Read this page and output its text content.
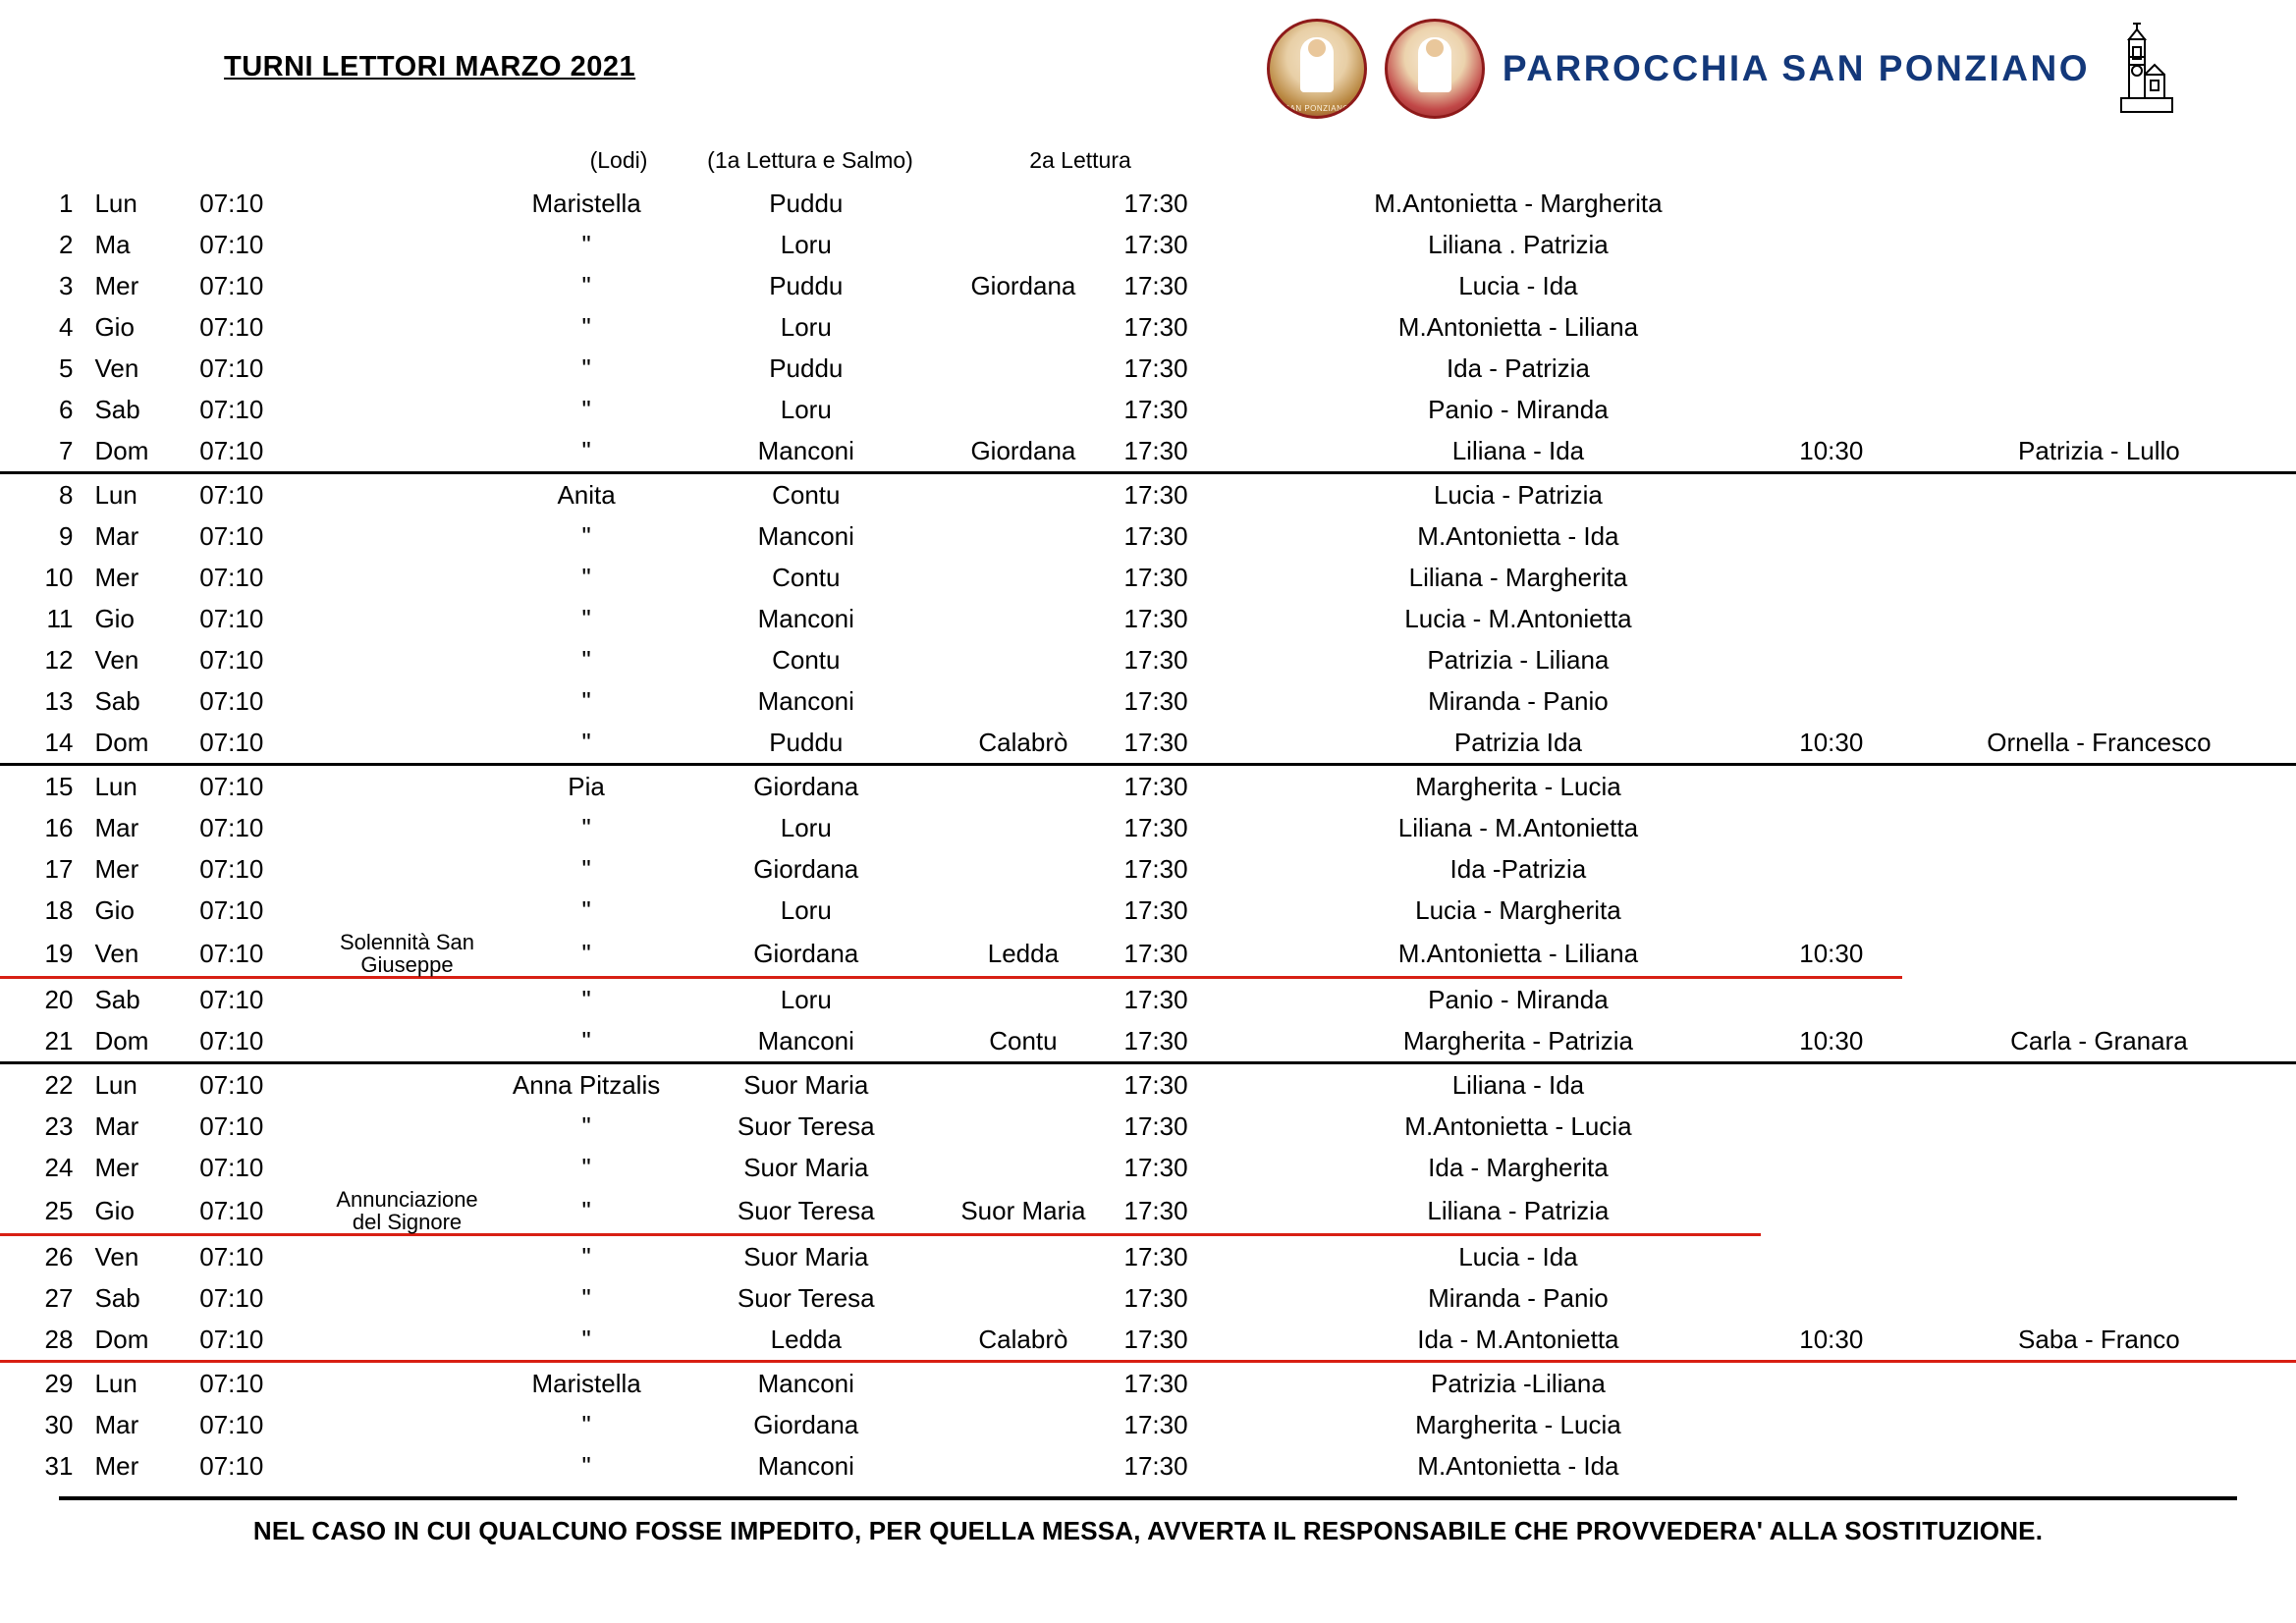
TURNI LETTORI MARZO 2021
SAN PONZIANO
PARROCCHIA SAN PONZIANO
(Lodi)	(1a Lettura e Salmo)	2a Lettura
1	Lun	07:10		Maristella	Puddu		17:30	M.Antonietta - Margherita		
2	Ma	07:10		"	Loru		17:30	Liliana . Patrizia		
3	Mer	07:10		"	Puddu	Giordana	17:30	Lucia - Ida		
4	Gio	07:10		"	Loru		17:30	M.Antonietta - Liliana		
5	Ven	07:10		"	Puddu		17:30	Ida - Patrizia		
6	Sab	07:10		"	Loru		17:30	Panio - Miranda		
7	Dom	07:10		"	Manconi	Giordana	17:30	Liliana - Ida	10:30	Patrizia - Lullo
8	Lun	07:10		Anita	Contu		17:30	Lucia - Patrizia		
9	Mar	07:10		"	Manconi		17:30	M.Antonietta - Ida		
10	Mer	07:10		"	Contu		17:30	Liliana - Margherita		
11	Gio	07:10		"	Manconi		17:30	Lucia - M.Antonietta		
12	Ven	07:10		"	Contu		17:30	Patrizia - Liliana		
13	Sab	07:10		"	Manconi		17:30	Miranda - Panio		
14	Dom	07:10		"	Puddu	Calabrò	17:30	Patrizia Ida	10:30	Ornella - Francesco
15	Lun	07:10		Pia	Giordana		17:30	Margherita - Lucia		
16	Mar	07:10		"	Loru		17:30	Liliana - M.Antonietta		
17	Mer	07:10		"	Giordana		17:30	Ida -Patrizia		
18	Gio	07:10		"	Loru		17:30	Lucia - Margherita		
19	Ven	07:10	Solennità San Giuseppe	"	Giordana	Ledda	17:30	M.Antonietta - Liliana	10:30	
20	Sab	07:10		"	Loru		17:30	Panio - Miranda		
21	Dom	07:10		"	Manconi	Contu	17:30	Margherita - Patrizia	10:30	Carla - Granara
22	Lun	07:10		Anna Pitzalis	Suor Maria		17:30	Liliana - Ida		
23	Mar	07:10		"	Suor Teresa		17:30	M.Antonietta - Lucia		
24	Mer	07:10		"	Suor Maria		17:30	Ida - Margherita		
25	Gio	07:10	Annunciazione del Signore	"	Suor Teresa	Suor Maria	17:30	Liliana - Patrizia		
26	Ven	07:10		"	Suor Maria		17:30	Lucia - Ida		
27	Sab	07:10		"	Suor Teresa		17:30	Miranda - Panio		
28	Dom	07:10		"	Ledda	Calabrò	17:30	Ida - M.Antonietta	10:30	Saba - Franco
29	Lun	07:10		Maristella	Manconi		17:30	Patrizia -Liliana		
30	Mar	07:10		"	Giordana		17:30	Margherita - Lucia		
31	Mer	07:10		"	Manconi		17:30	M.Antonietta - Ida		
NEL CASO IN CUI QUALCUNO FOSSE IMPEDITO, PER QUELLA MESSA, AVVERTA IL RESPONSABILE CHE PROVVEDERA' ALLA SOSTITUZIONE.
